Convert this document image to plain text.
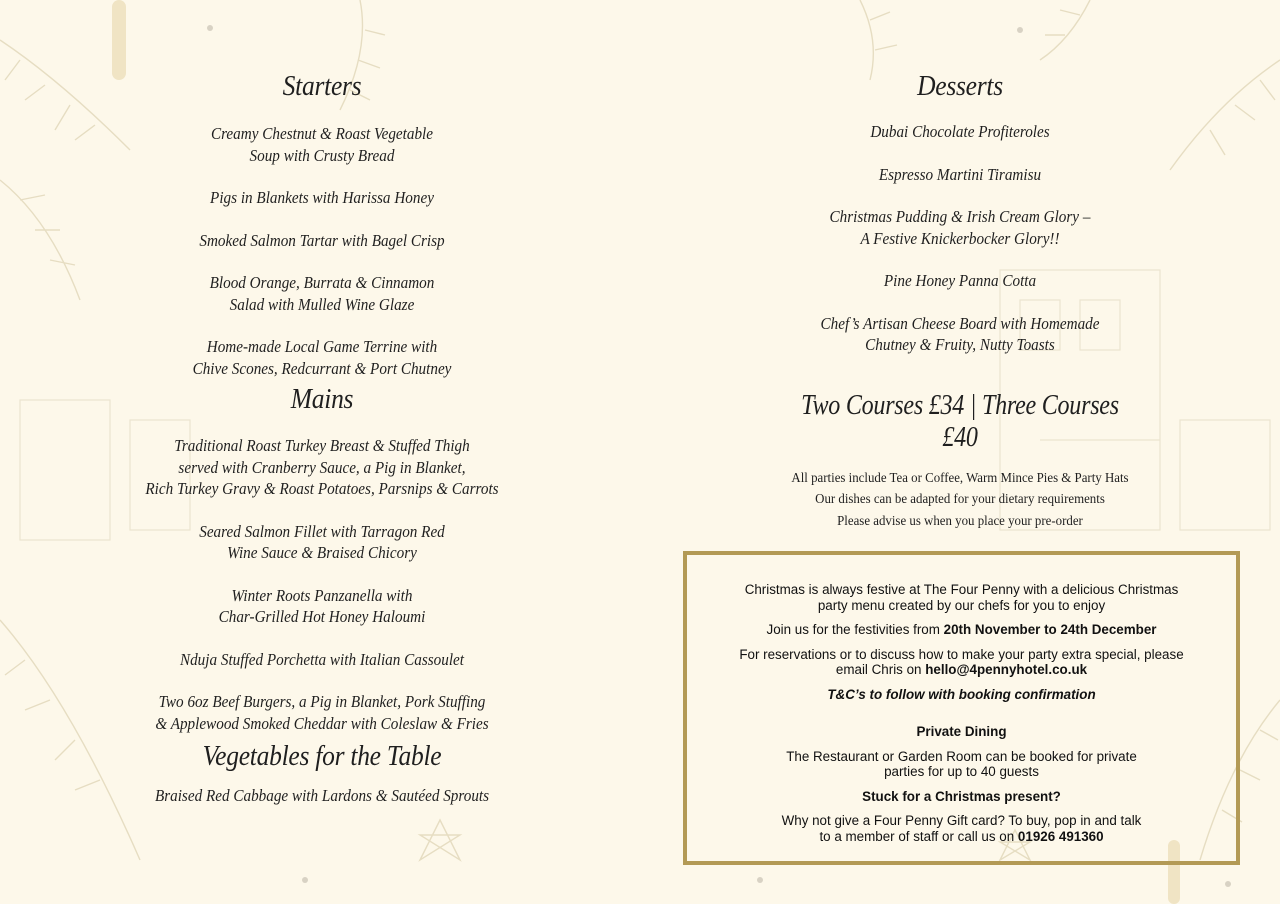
Starters

Creamy Chestnut & Roast Vegetable
Soup with Crusty Bread

Pigs in Blankets with Harissa Honey

Smoked Salmon Tartar with Bagel Crisp

Blood Orange, Burrata & Cinnamon
Salad with Mulled Wine Glaze

Home-made Local Game Terrine with
Chive Scones, Redcurrant & Port Chutney

Mains

Traditional Roast Turkey Breast & Stuffed Thigh
served with Cranberry Sauce, a Pig in Blanket,
Rich Turkey Gravy & Roast Potatoes, Parsnips & Carrots

Seared Salmon Fillet with Tarragon Red
Wine Sauce & Braised Chicory

Winter Roots Panzanella with
Char-Grilled Hot Honey Haloumi

Nduja Stuffed Porchetta with Italian Cassoulet

Two 6oz Beef Burgers, a Pig in Blanket, Pork Stuffing
& Applewood Smoked Cheddar with Coleslaw & Fries

Vegetables for the Table

Braised Red Cabbage with Lardons & Sautéed Sprouts

Desserts

Dubai Chocolate Profiteroles

Espresso Martini Tiramisu

Christmas Pudding & Irish Cream Glory –
A Festive Knickerbocker Glory!!

Pine Honey Panna Cotta

Chef’s Artisan Cheese Board with Homemade
Chutney & Fruity, Nutty Toasts

Two Courses £34 | Three Courses £40

All parties include Tea or Coffee, Warm Mince Pies & Party Hats

Our dishes can be adapted for your dietary requirements

Please advise us when you place your pre-order

Christmas is always festive at The Four Penny with a delicious Christmas
party menu created by our chefs for you to enjoy

Join us for the festivities from 20th November to 24th December

For reservations or to discuss how to make your party extra special, please
email Chris on hello@4pennyhotel.co.uk

T&C’s to follow with booking confirmation

Private Dining

The Restaurant or Garden Room can be booked for private
parties for up to 40 guests

Stuck for a Christmas present?

Why not give a Four Penny Gift card? To buy, pop in and talk
to a member of staff or call us on 01926 491360
